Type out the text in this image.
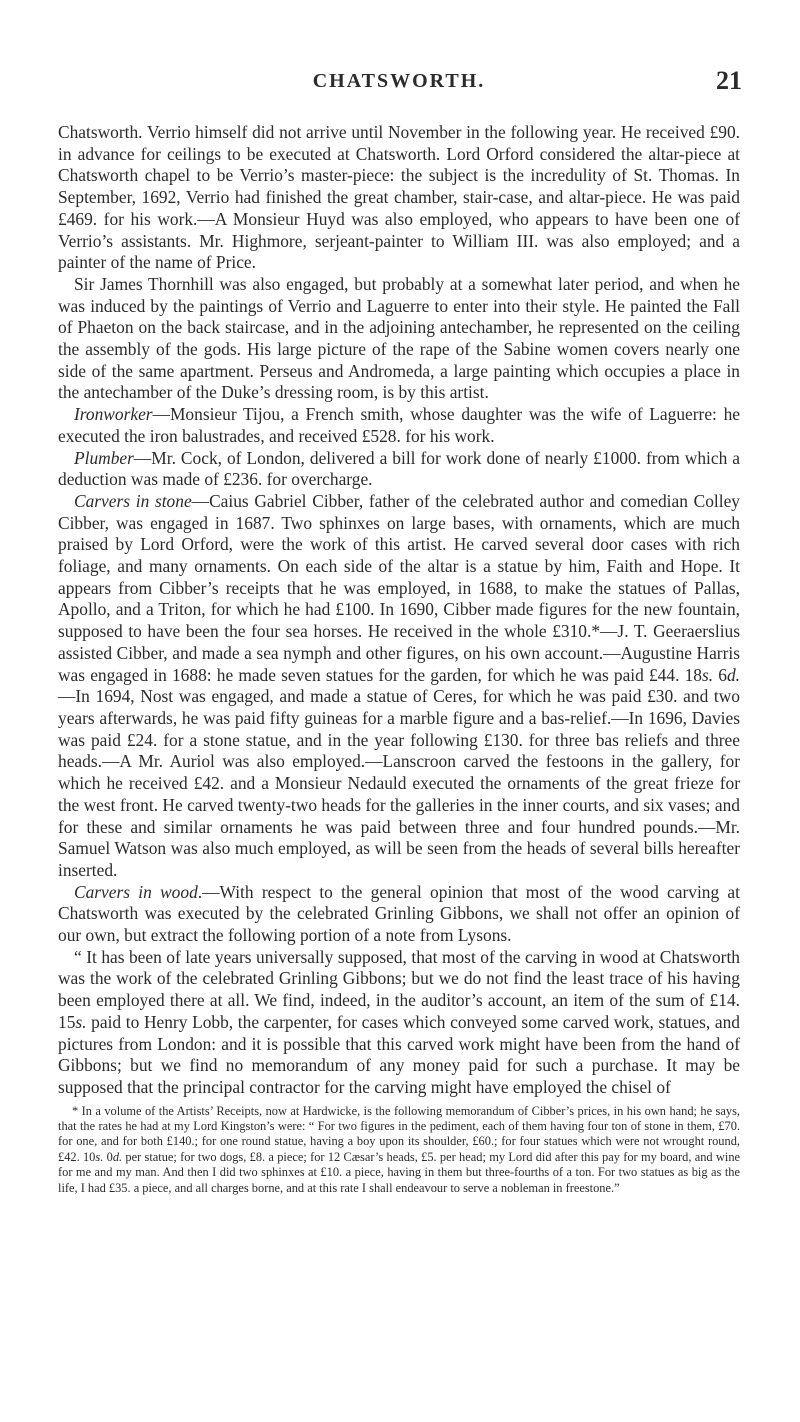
CHATSWORTH.	21

Chatsworth. Verrio himself did not arrive until November in the following year. He received £90. in advance for ceilings to be executed at Chatsworth. Lord Orford considered the altar-piece at Chatsworth chapel to be Verrio’s master-piece: the subject is the incredulity of St. Thomas. In September, 1692, Verrio had finished the great chamber, stair-case, and altar-piece. He was paid £469. for his work.—A Monsieur Huyd was also employed, who appears to have been one of Verrio’s assistants. Mr. Highmore, serjeant-painter to William III. was also employed; and a painter of the name of Price.

Sir James Thornhill was also engaged, but probably at a somewhat later period, and when he was induced by the paintings of Verrio and Laguerre to enter into their style. He painted the Fall of Phaeton on the back staircase, and in the adjoining antechamber, he represented on the ceiling the assembly of the gods. His large picture of the rape of the Sabine women covers nearly one side of the same apartment. Perseus and Andromeda, a large painting which occupies a place in the antechamber of the Duke’s dressing room, is by this artist.

Ironworker—Monsieur Tijou, a French smith, whose daughter was the wife of Laguerre: he executed the iron balustrades, and received £528. for his work.

Plumber—Mr. Cock, of London, delivered a bill for work done of nearly £1000. from which a deduction was made of £236. for overcharge.

Carvers in stone—Caius Gabriel Cibber, father of the celebrated author and comedian Colley Cibber, was engaged in 1687. Two sphinxes on large bases, with ornaments, which are much praised by Lord Orford, were the work of this artist. He carved several door cases with rich foliage, and many ornaments. On each side of the altar is a statue by him, Faith and Hope. It appears from Cibber’s receipts that he was employed, in 1688, to make the statues of Pallas, Apollo, and a Triton, for which he had £100. In 1690, Cibber made figures for the new fountain, supposed to have been the four sea horses. He received in the whole £310.*—J. T. Geeraerslius assisted Cibber, and made a sea nymph and other figures, on his own account.—Augustine Harris was engaged in 1688: he made seven statues for the garden, for which he was paid £44. 18s. 6d.—In 1694, Nost was engaged, and made a statue of Ceres, for which he was paid £30. and two years afterwards, he was paid fifty guineas for a marble figure and a bas-relief.—In 1696, Davies was paid £24. for a stone statue, and in the year following £130. for three bas reliefs and three heads.—A Mr. Auriol was also employed.—Lanscroon carved the festoons in the gallery, for which he received £42. and a Monsieur Nedauld executed the ornaments of the great frieze for the west front. He carved twenty-two heads for the galleries in the inner courts, and six vases; and for these and similar ornaments he was paid between three and four hundred pounds.—Mr. Samuel Watson was also much employed, as will be seen from the heads of several bills hereafter inserted.

Carvers in wood.—With respect to the general opinion that most of the wood carving at Chatsworth was executed by the celebrated Grinling Gibbons, we shall not offer an opinion of our own, but extract the following portion of a note from Lysons.

“ It has been of late years universally supposed, that most of the carving in wood at Chatsworth was the work of the celebrated Grinling Gibbons; but we do not find the least trace of his having been employed there at all. We find, indeed, in the auditor’s account, an item of the sum of £14. 15s. paid to Henry Lobb, the carpenter, for cases which conveyed some carved work, statues, and pictures from London: and it is possible that this carved work might have been from the hand of Gibbons; but we find no memorandum of any money paid for such a purchase. It may be supposed that the principal contractor for the carving might have employed the chisel of

* In a volume of the Artists’ Receipts, now at Hardwicke, is the following memorandum of Cibber’s prices, in his own hand; he says, that the rates he had at my Lord Kingston’s were: “ For two figures in the pediment, each of them having four ton of stone in them, £70. for one, and for both £140.; for one round statue, having a boy upon its shoulder, £60.; for four statues which were not wrought round, £42. 10s. 0d. per statue; for two dogs, £8. a piece; for 12 Cæsar’s heads, £5. per head; my Lord did after this pay for my board, and wine for me and my man. And then I did two sphinxes at £10. a piece, having in them but three-fourths of a ton. For two statues as big as the life, I had £35. a piece, and all charges borne, and at this rate I shall endeavour to serve a nobleman in freestone.”
